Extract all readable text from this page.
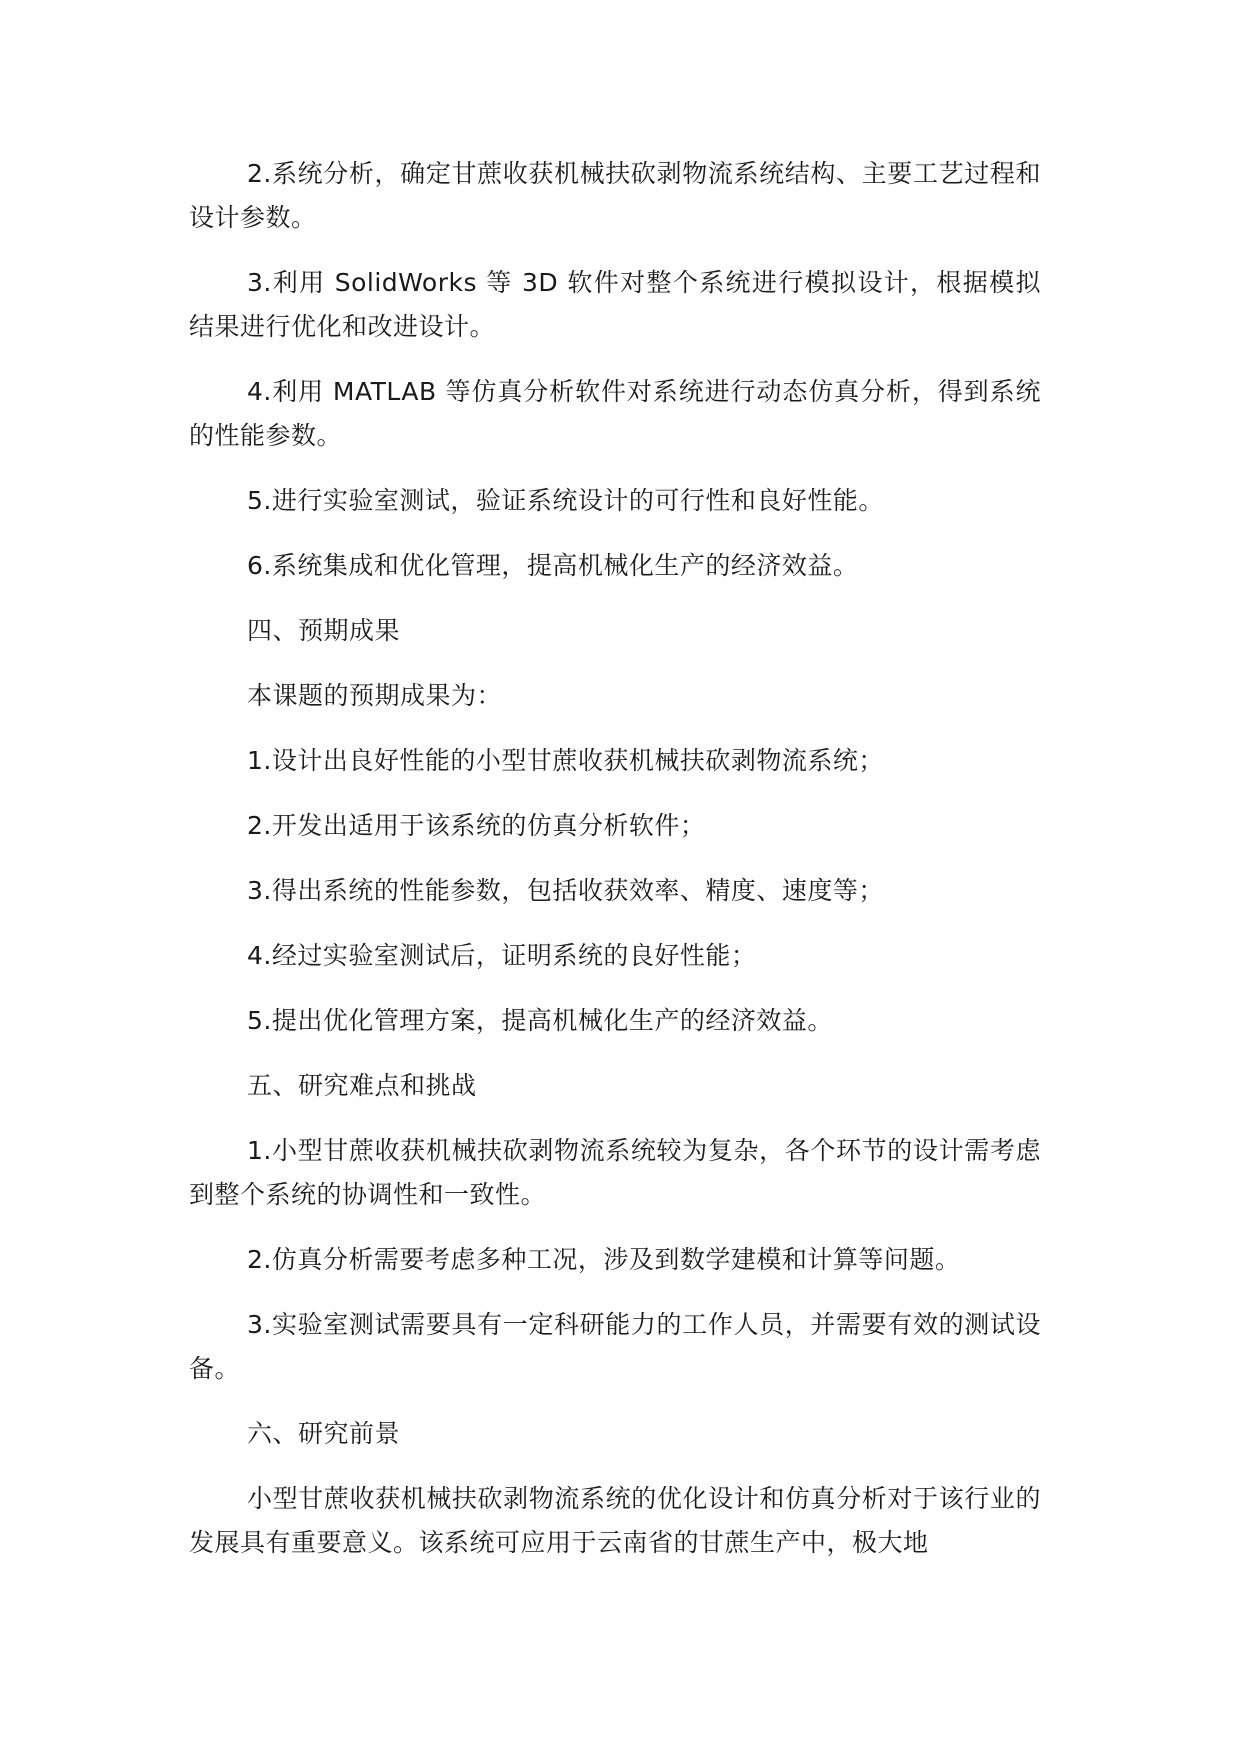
2.系统分析，确定甘蔗收获机械扶砍剥物流系统结构、主要工艺过程和设计参数。

3.利用 SolidWorks 等 3D 软件对整个系统进行模拟设计，根据模拟结果进行优化和改进设计。

4.利用 MATLAB 等仿真分析软件对系统进行动态仿真分析，得到系统的性能参数。

5.进行实验室测试，验证系统设计的可行性和良好性能。

6.系统集成和优化管理，提高机械化生产的经济效益。

四、预期成果

本课题的预期成果为：

1.设计出良好性能的小型甘蔗收获机械扶砍剥物流系统；

2.开发出适用于该系统的仿真分析软件；

3.得出系统的性能参数，包括收获效率、精度、速度等；

4.经过实验室测试后，证明系统的良好性能；

5.提出优化管理方案，提高机械化生产的经济效益。

五、研究难点和挑战

1.小型甘蔗收获机械扶砍剥物流系统较为复杂，各个环节的设计需考虑到整个系统的协调性和一致性。

2.仿真分析需要考虑多种工况，涉及到数学建模和计算等问题。

3.实验室测试需要具有一定科研能力的工作人员，并需要有效的测试设备。

六、研究前景

小型甘蔗收获机械扶砍剥物流系统的优化设计和仿真分析对于该行业的发展具有重要意义。该系统可应用于云南省的甘蔗生产中，极大地
